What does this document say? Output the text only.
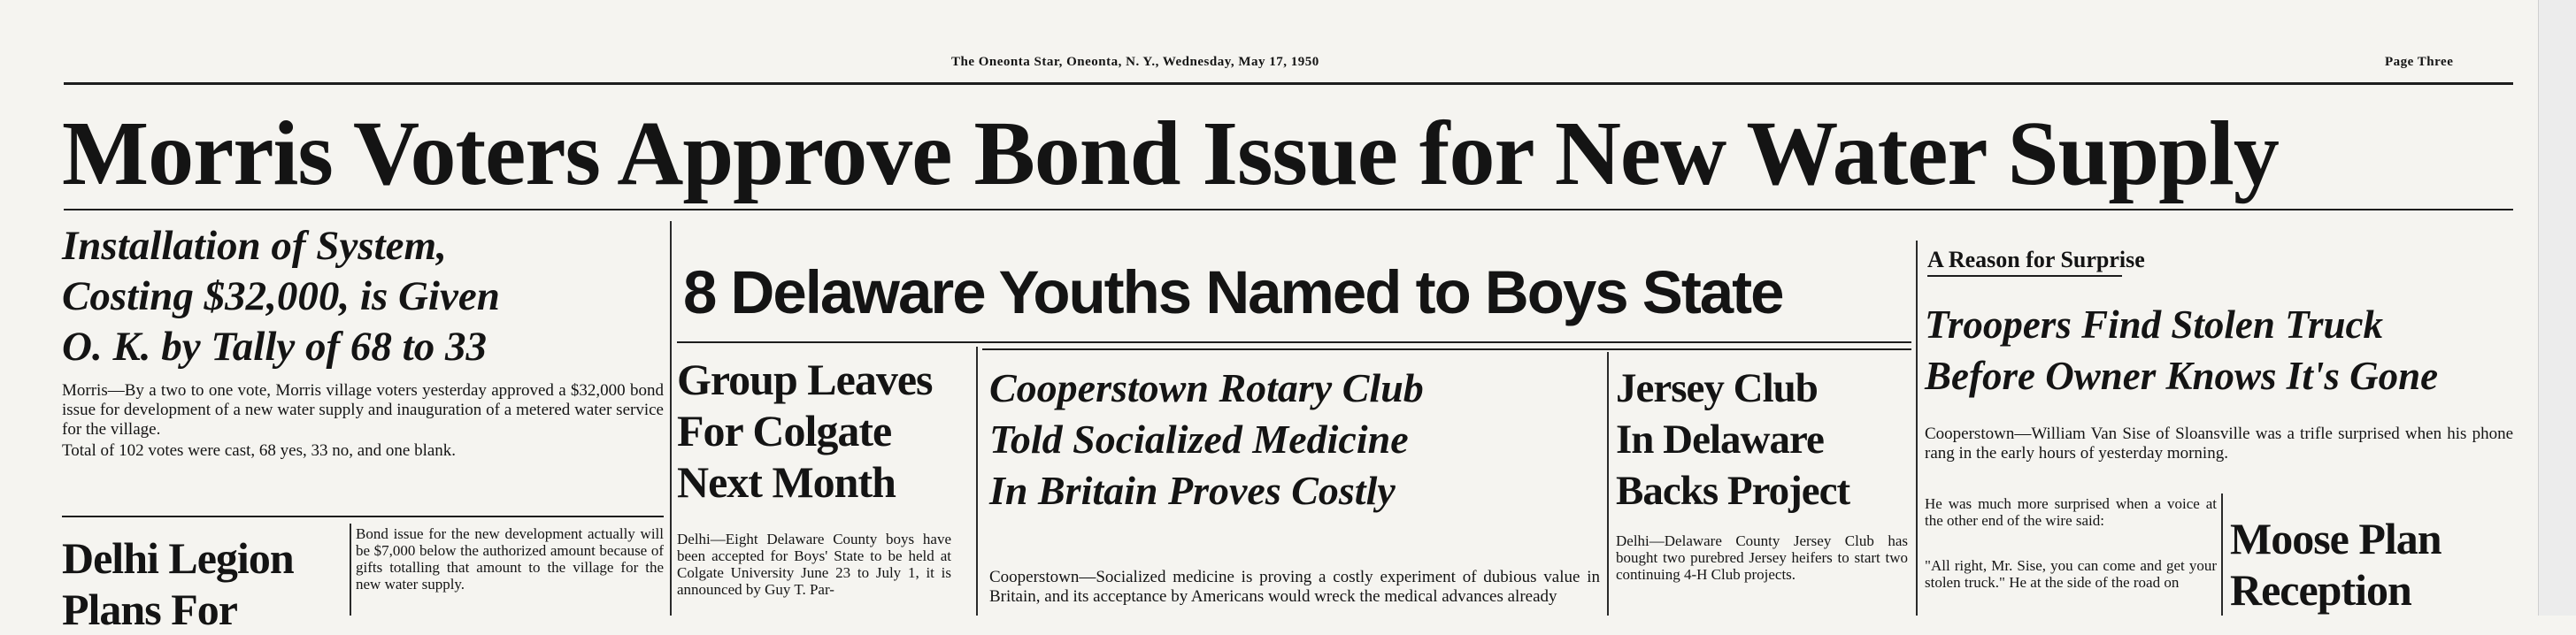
The Oneonta Star, Oneonta, N. Y., Wednesday, May 17, 1950	Page Three
Morris Voters Approve Bond Issue for New Water Supply
Installation of System,
Costing $32,000, is Given
O. K. by Tally of 68 to 33
Morris—By a two to one vote, Morris village voters yesterday approved a $32,000 bond issue for development of a new water supply and inauguration of a metered water service for the village.
Total of 102 votes were cast, 68 yes, 33 no, and one blank.
Delhi Legion
Plans For
Bond issue for the new development actually will be $7,000 below the authorized amount because of gifts totalling that amount to the village for the new water supply.
8 Delaware Youths Named to Boys State
Group Leaves
For Colgate
Next Month
Delhi—Eight Delaware County boys have been accepted for Boys' State to be held at Colgate University June 23 to July 1, it is announced by Guy T. Par-
Cooperstown Rotary Club
Told Socialized Medicine
In Britain Proves Costly
Cooperstown—Socialized medicine is proving a costly experiment of dubious value in Britain, and its acceptance by Americans would wreck the medical advances already
Jersey Club
In Delaware
Backs Project
Delhi—Delaware County Jersey Club has bought two purebred Jersey heifers to start two continuing 4-H Club projects.
A Reason for Surprise
Troopers Find Stolen Truck
Before Owner Knows It's Gone
Cooperstown—William Van Sise of Sloansville was a trifle surprised when his phone rang in the early hours of yesterday morning.
He was much more surprised when a voice at the other end of the wire said:
"All right, Mr. Sise, you can come and get your stolen truck." He at the side of the road on
Moose Plan
Reception
